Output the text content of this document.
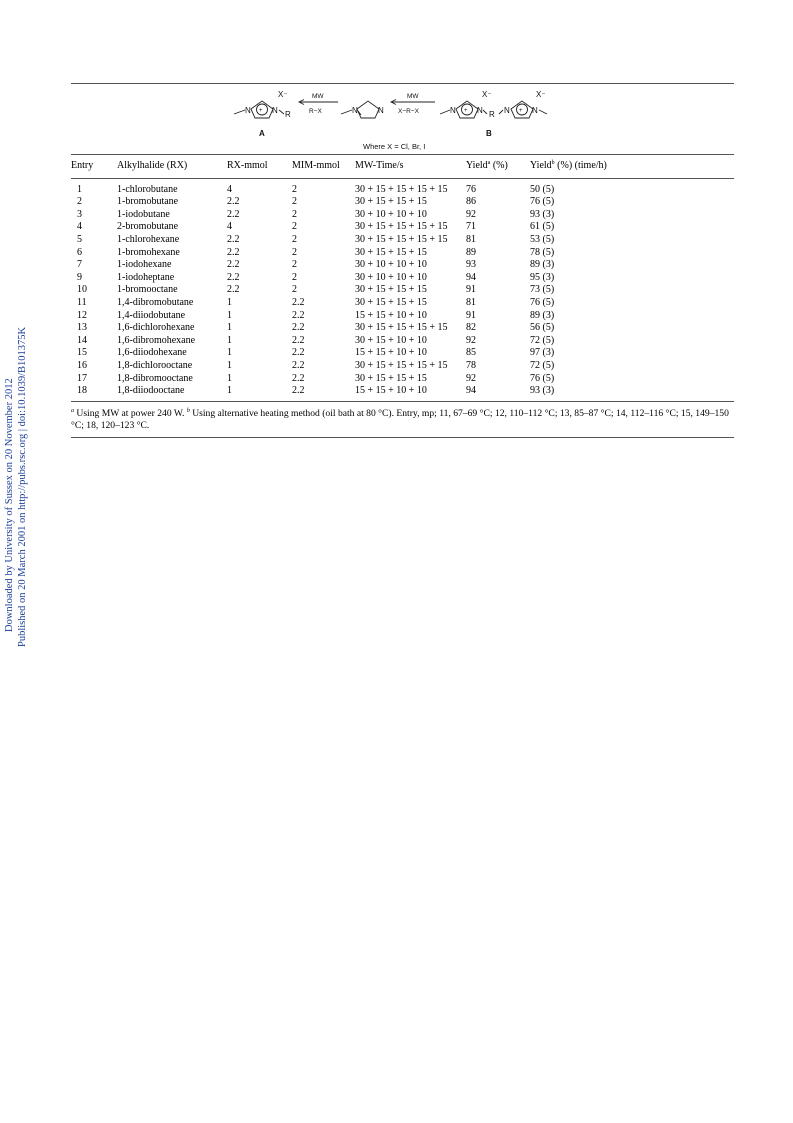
Downloaded by University of Sussex on 20 November 2012 Published on 20 March 2001 on http://pubs.rsc.org | doi:10.1039/B101375K
N	N
+	R
X⁻	MW
R−X	N	N
MW
X−R−X	N + N
X⁻
R N + N
X⁻
A	B
Where X = Cl, Br, I
Entry	Alkylhalide (RX)	RX-mmol	MIM-mmol	MW-Time/s	Yield$^a$ (%)	Yield$^b$ (%) (time/h)
1	1-chlorobutane	4	2	30 + 15 + 15 + 15 + 15	76	50 (5)
2	1-bromobutane	2.2	2	30 + 15 + 15 + 15	86	76 (5)
3	1-iodobutane	2.2	2	30 + 10 + 10 + 10	92	93 (3)
4	2-bromobutane	4	2	30 + 15 + 15 + 15 + 15	71	61 (5)
5	1-chlorohexane	2.2	2	30 + 15 + 15 + 15 + 15	81	53 (5)
6	1-bromohexane	2.2	2	30 + 15 + 15 + 15	89	78 (5)
7	1-iodohexane	2.2	2	30 + 10 + 10 + 10	93	89 (3)
9	1-iodoheptane	2.2	2	30 + 10 + 10 + 10	94	95 (3)
10	1-bromooctane	2.2	2	30 + 15 + 15 + 15	91	73 (5)
11	1,4-dibromobutane	1	2.2	30 + 15 + 15 + 15	81	76 (5)
12	1,4-diiodobutane	1	2.2	15 + 15 + 10 + 10	91	89 (3)
13	1,6-dichlorohexane	1	2.2	30 + 15 + 15 + 15 + 15	82	56 (5)
14	1,6-dibromohexane	1	2.2	30 + 15 + 10 + 10	92	72 (5)
15	1,6-diiodohexane	1	2.2	15 + 15 + 10 + 10	85	97 (3)
16	1,8-dichlorooctane	1	2.2	30 + 15 + 15 + 15 + 15	78	72 (5)
17	1,8-dibromooctane	1	2.2	30 + 15 + 15 + 15	92	76 (5)
18	1,8-diiodooctane	1	2.2	15 + 15 + 10 + 10	94	93 (3)
$^a$ Using MW at power 240 W. $^b$ Using alternative heating method (oil bath at 80 °C). Entry, mp; 11, 67–69 °C; 12, 110–112 °C; 13, 85–87 °C; 14, 112–116 °C; 15, 149–150 °C; 18, 120–123 °C.
